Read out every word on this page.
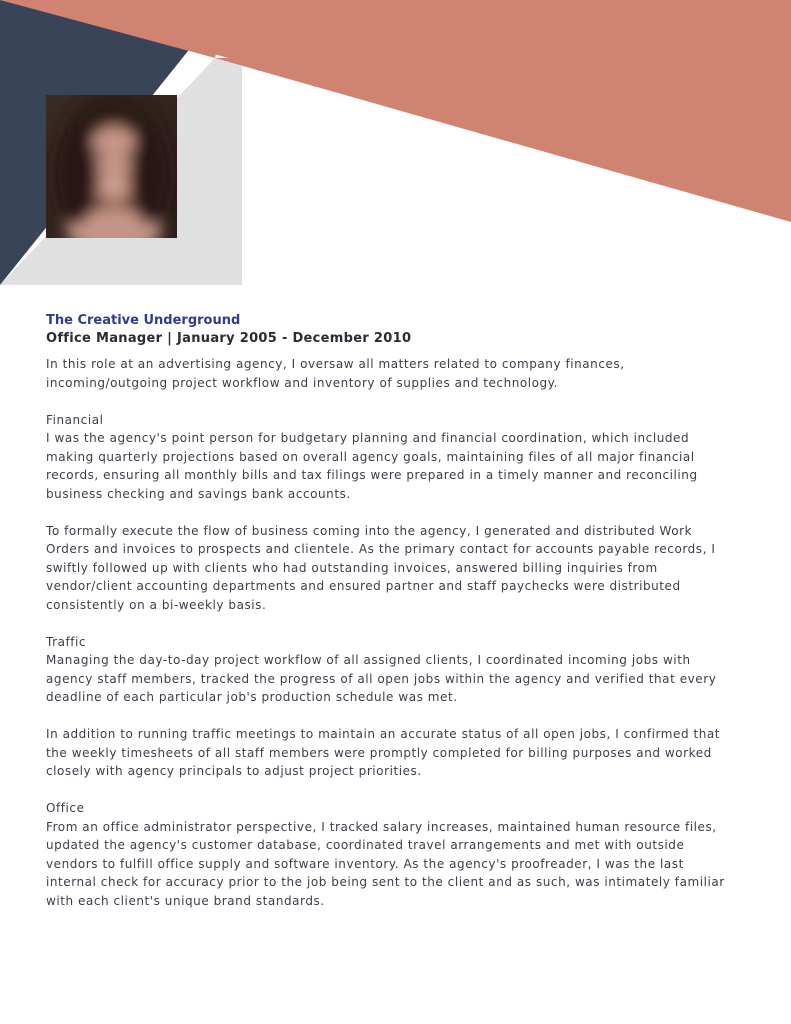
The Creative Underground

Office Manager | January 2005 - December 2010

In this role at an advertising agency, I oversaw all matters related to company finances, incoming/outgoing project workflow and inventory of supplies and technology.

Financial

I was the agency's point person for budgetary planning and financial coordination, which included making quarterly projections based on overall agency goals, maintaining files of all major financial records, ensuring all monthly bills and tax filings were prepared in a timely manner and reconciling business checking and savings bank accounts.

To formally execute the flow of business coming into the agency, I generated and distributed Work Orders and invoices to prospects and clientele. As the primary contact for accounts payable records, I swiftly followed up with clients who had outstanding invoices, answered billing inquiries from vendor/client accounting departments and ensured partner and staff paychecks were distributed consistently on a bi-weekly basis.

Traffic

Managing the day-to-day project workflow of all assigned clients, I coordinated incoming jobs with agency staff members, tracked the progress of all open jobs within the agency and verified that every deadline of each particular job's production schedule was met.

In addition to running traffic meetings to maintain an accurate status of all open jobs, I confirmed that the weekly timesheets of all staff members were promptly completed for billing purposes and worked closely with agency principals to adjust project priorities.

Office

From an office administrator perspective, I tracked salary increases, maintained human resource files, updated the agency's customer database, coordinated travel arrangements and met with outside vendors to fulfill office supply and software inventory. As the agency's proofreader, I was the last internal check for accuracy prior to the job being sent to the client and as such, was intimately familiar with each client's unique brand standards.
